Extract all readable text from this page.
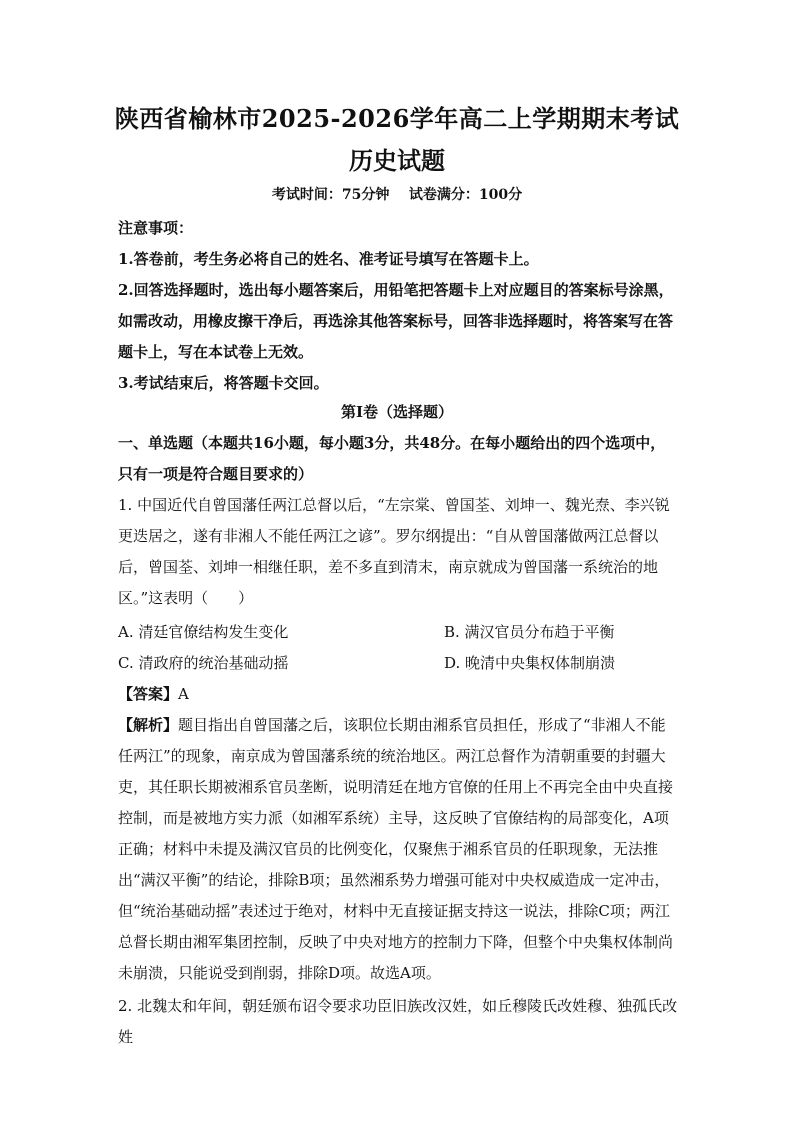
陕西省榆林市2025-2026学年高二上学期期末考试
历史试题
考试时间：75分钟    试卷满分：100分
注意事项：
1.答卷前，考生务必将自己的姓名、准考证号填写在答题卡上。
2.回答选择题时，选出每小题答案后，用铅笔把答题卡上对应题目的答案标号涂黑，如需改动，用橡皮擦干净后，再选涂其他答案标号，回答非选择题时，将答案写在答题卡上，写在本试卷上无效。
3.考试结束后，将答题卡交回。
第Ⅰ卷（选择题）
一、单选题（本题共16小题，每小题3分，共48分。在每小题给出的四个选项中，只有一项是符合题目要求的）
1. 中国近代自曾国藩任两江总督以后，“左宗棠、曾国荃、刘坤一、魏光焘、李兴锐更迭居之，遂有非湘人不能任两江之谚”。罗尔纲提出：“自从曾国藩做两江总督以后，曾国荃、刘坤一相继任职，差不多直到清末，南京就成为曾国藩一系统治的地区。”这表明（　　）
A. 清廷官僚结构发生变化	B. 满汉官员分布趋于平衡
C. 清政府的统治基础动摇	D. 晚清中央集权体制崩溃
【答案】A
【解析】题目指出自曾国藩之后，该职位长期由湘系官员担任，形成了“非湘人不能任两江”的现象，南京成为曾国藩系统的统治地区。两江总督作为清朝重要的封疆大吏，其任职长期被湘系官员垄断，说明清廷在地方官僚的任用上不再完全由中央直接控制，而是被地方实力派（如湘军系统）主导，这反映了官僚结构的局部变化，A项正确；材料中未提及满汉官员的比例变化，仅聚焦于湘系官员的任职现象，无法推出“满汉平衡”的结论，排除B项；虽然湘系势力增强可能对中央权威造成一定冲击，但“统治基础动摇”表述过于绝对，材料中无直接证据支持这一说法，排除C项；两江总督长期由湘军集团控制，反映了中央对地方的控制力下降，但整个中央集权体制尚未崩溃，只能说受到削弱，排除D项。故选A项。
2. 北魏太和年间，朝廷颁布诏令要求功臣旧族改汉姓，如丘穆陵氏改姓穆、独孤氏改姓
